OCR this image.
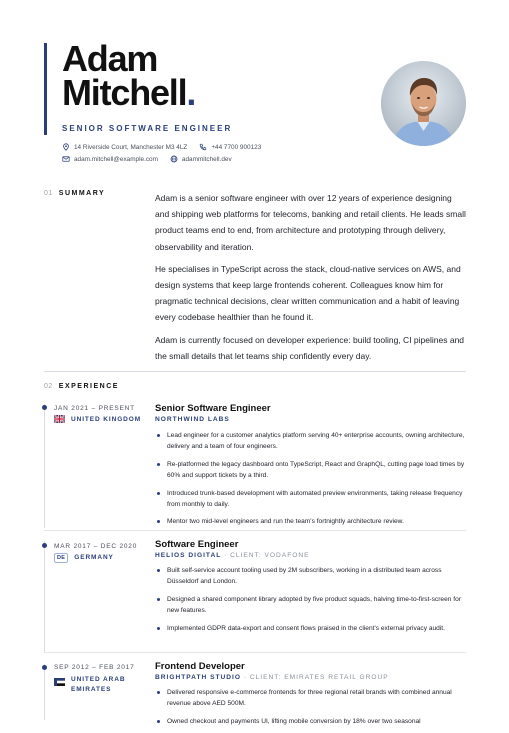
Adam
Mitchell.
SENIOR SOFTWARE ENGINEER
14 Riverside Court, Manchester M3 4LZ	+44 7700 900123
adam.mitchell@example.com	adammitchell.dev
01 SUMMARY	Adam is a senior software engineer with over 12 years of experience designing and shipping web platforms for telecoms, banking and retail clients. He leads small product teams end to end, from architecture and prototyping through delivery, observability and iteration.

He specialises in TypeScript across the stack, cloud-native services on AWS, and design systems that keep large frontends coherent. Colleagues know him for pragmatic technical decisions, clear written communication and a habit of leaving every codebase healthier than he found it.

Adam is currently focused on developer experience: build tooling, CI pipelines and the small details that let teams ship confidently every day.

02 EXPERIENCE
JAN 2021 – PRESENT
UNITED KINGDOM
Senior Software Engineer
NORTHWIND LABS
Lead engineer for a customer analytics platform serving 40+ enterprise accounts, owning architecture, delivery and a team of four engineers.
Re-platformed the legacy dashboard onto TypeScript, React and GraphQL, cutting page load times by 60% and support tickets by a third.
Introduced trunk-based development with automated preview environments, taking release frequency from monthly to daily.
Mentor two mid-level engineers and run the team's fortnightly architecture review.
MAR 2017 – DEC 2020
DE	GERMANY
Software Engineer
HELIOS DIGITAL · CLIENT: VODAFONE
Built self-service account tooling used by 2M subscribers, working in a distributed team across Düsseldorf and London.
Designed a shared component library adopted by five product squads, halving time-to-first-screen for new features.
Implemented GDPR data-export and consent flows praised in the client's external privacy audit.
SEP 2012 – FEB 2017
UNITED ARAB
EMIRATES
Frontend Developer
BRIGHTPATH STUDIO · CLIENT: EMIRATES RETAIL GROUP
Delivered responsive e-commerce frontends for three regional retail brands with combined annual revenue above AED 500M.
Owned checkout and payments UI, lifting mobile conversion by 18% over two seasonal
